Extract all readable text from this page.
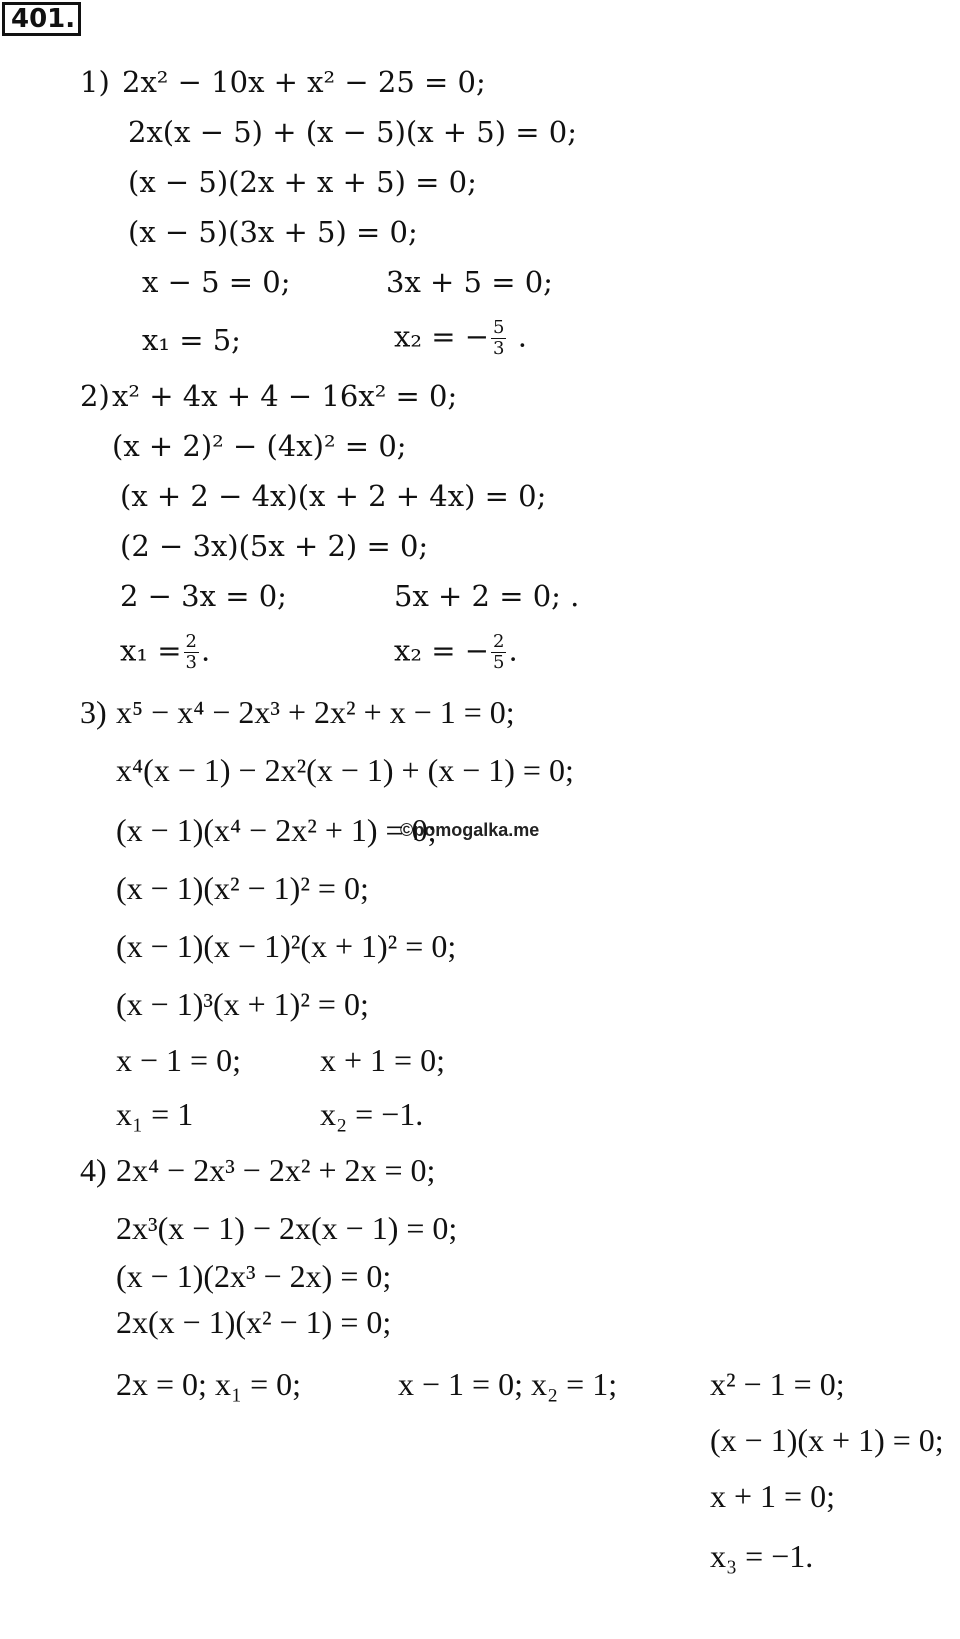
401.
1) 2x² − 10x + x² − 25 = 0;
2x(x − 5) + (x − 5)(x + 5) = 0;
(x − 5)(2x + x + 5) = 0;
(x − 5)(3x + 5) = 0;
x − 5 = 0;	3x + 5 = 0;
x₁ = 5;	x₂ = − $\frac{5}{3}$ .
2) x² + 4x + 4 − 16x² = 0;
(x + 2)² − (4x)² = 0;
(x + 2 − 4x)(x + 2 + 4x) = 0;
(2 − 3x)(5x + 2) = 0;
2 − 3x = 0;	5x + 2 = 0; .
$x_1 = \frac{2}{3}$ .	x₂ = − $\frac{2}{5}$ .
3) x⁵ − x⁴ − 2x³ + 2x² + x − 1 = 0;
x⁴(x − 1) − 2x²(x − 1) + (x − 1) = 0;
©pomogalka.me
(x − 1)(x⁴ − 2x² + 1) = 0;
(x − 1)(x² − 1)² = 0;
(x − 1)(x − 1)²(x + 1)² = 0;
(x − 1)³(x + 1)² = 0;
x − 1 = 0; x + 1 = 0;
x₁ = 1	x₂ = −1.
4) 2x⁴ − 2x³ − 2x² + 2x = 0;
2x³(x − 1) − 2x(x − 1) = 0;
(x − 1)(2x³ − 2x) = 0;
2x(x − 1)(x² − 1) = 0;
2x = 0; x₁ = 0;	x − 1 = 0; x₂ = 1;	x² − 1 = 0;
(x − 1)(x + 1) = 0;
x + 1 = 0;
x₃ = −1.
